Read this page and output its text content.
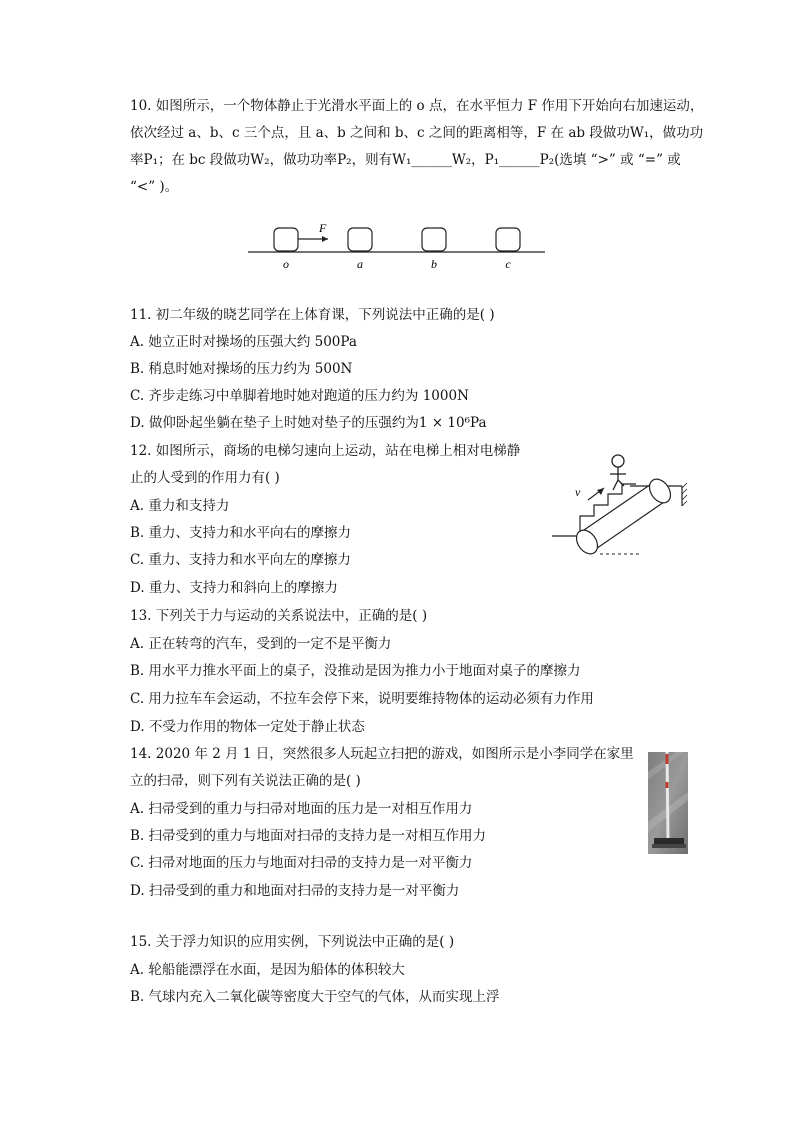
10. 如图所示，一个物体静止于光滑水平面上的 o 点，在水平恒力 F 作用下开始向右加速运动，
依次经过 a、b、c 三个点，且 a、b 之间和 b、c 之间的距离相等，F 在 ab 段做功W₁，做功功
率P₁；在 bc 段做功W₂，做功功率P₂，则有W₁______W₂，P₁______P₂(选填 “>” 或 “=” 或
“<” )。
F
o	a	b	c
11. 初二年级的晓艺同学在上体育课，下列说法中正确的是( )
A. 她立正时对操场的压强大约 500Pa
B. 稍息时她对操场的压力约为 500N
C. 齐步走练习中单脚着地时她对跑道的压力约为 1000N
D. 做仰卧起坐躺在垫子上时她对垫子的压强约为1 × 10⁶Pa
12. 如图所示，商场的电梯匀速向上运动，站在电梯上相对电梯静
止的人受到的作用力有( )
A. 重力和支持力
B. 重力、支持力和水平向右的摩擦力
C. 重力、支持力和水平向左的摩擦力
D. 重力、支持力和斜向上的摩擦力
v
13. 下列关于力与运动的关系说法中，正确的是( )
A. 正在转弯的汽车，受到的一定不是平衡力
B. 用水平力推水平面上的桌子，没推动是因为推力小于地面对桌子的摩擦力
C. 用力拉车车会运动，不拉车会停下来，说明要维持物体的运动必须有力作用
D. 不受力作用的物体一定处于静止状态
14. 2020 年 2 月 1 日，突然很多人玩起立扫把的游戏，如图所示是小李同学在家里
立的扫帚，则下列有关说法正确的是( )
A. 扫帚受到的重力与扫帚对地面的压力是一对相互作用力
B. 扫帚受到的重力与地面对扫帚的支持力是一对相互作用力
C. 扫帚对地面的压力与地面对扫帚的支持力是一对平衡力
D. 扫帚受到的重力和地面对扫帚的支持力是一对平衡力
15. 关于浮力知识的应用实例，下列说法中正确的是( )
A. 轮船能漂浮在水面，是因为船体的体积较大
B. 气球内充入二氧化碳等密度大于空气的气体，从而实现上浮
